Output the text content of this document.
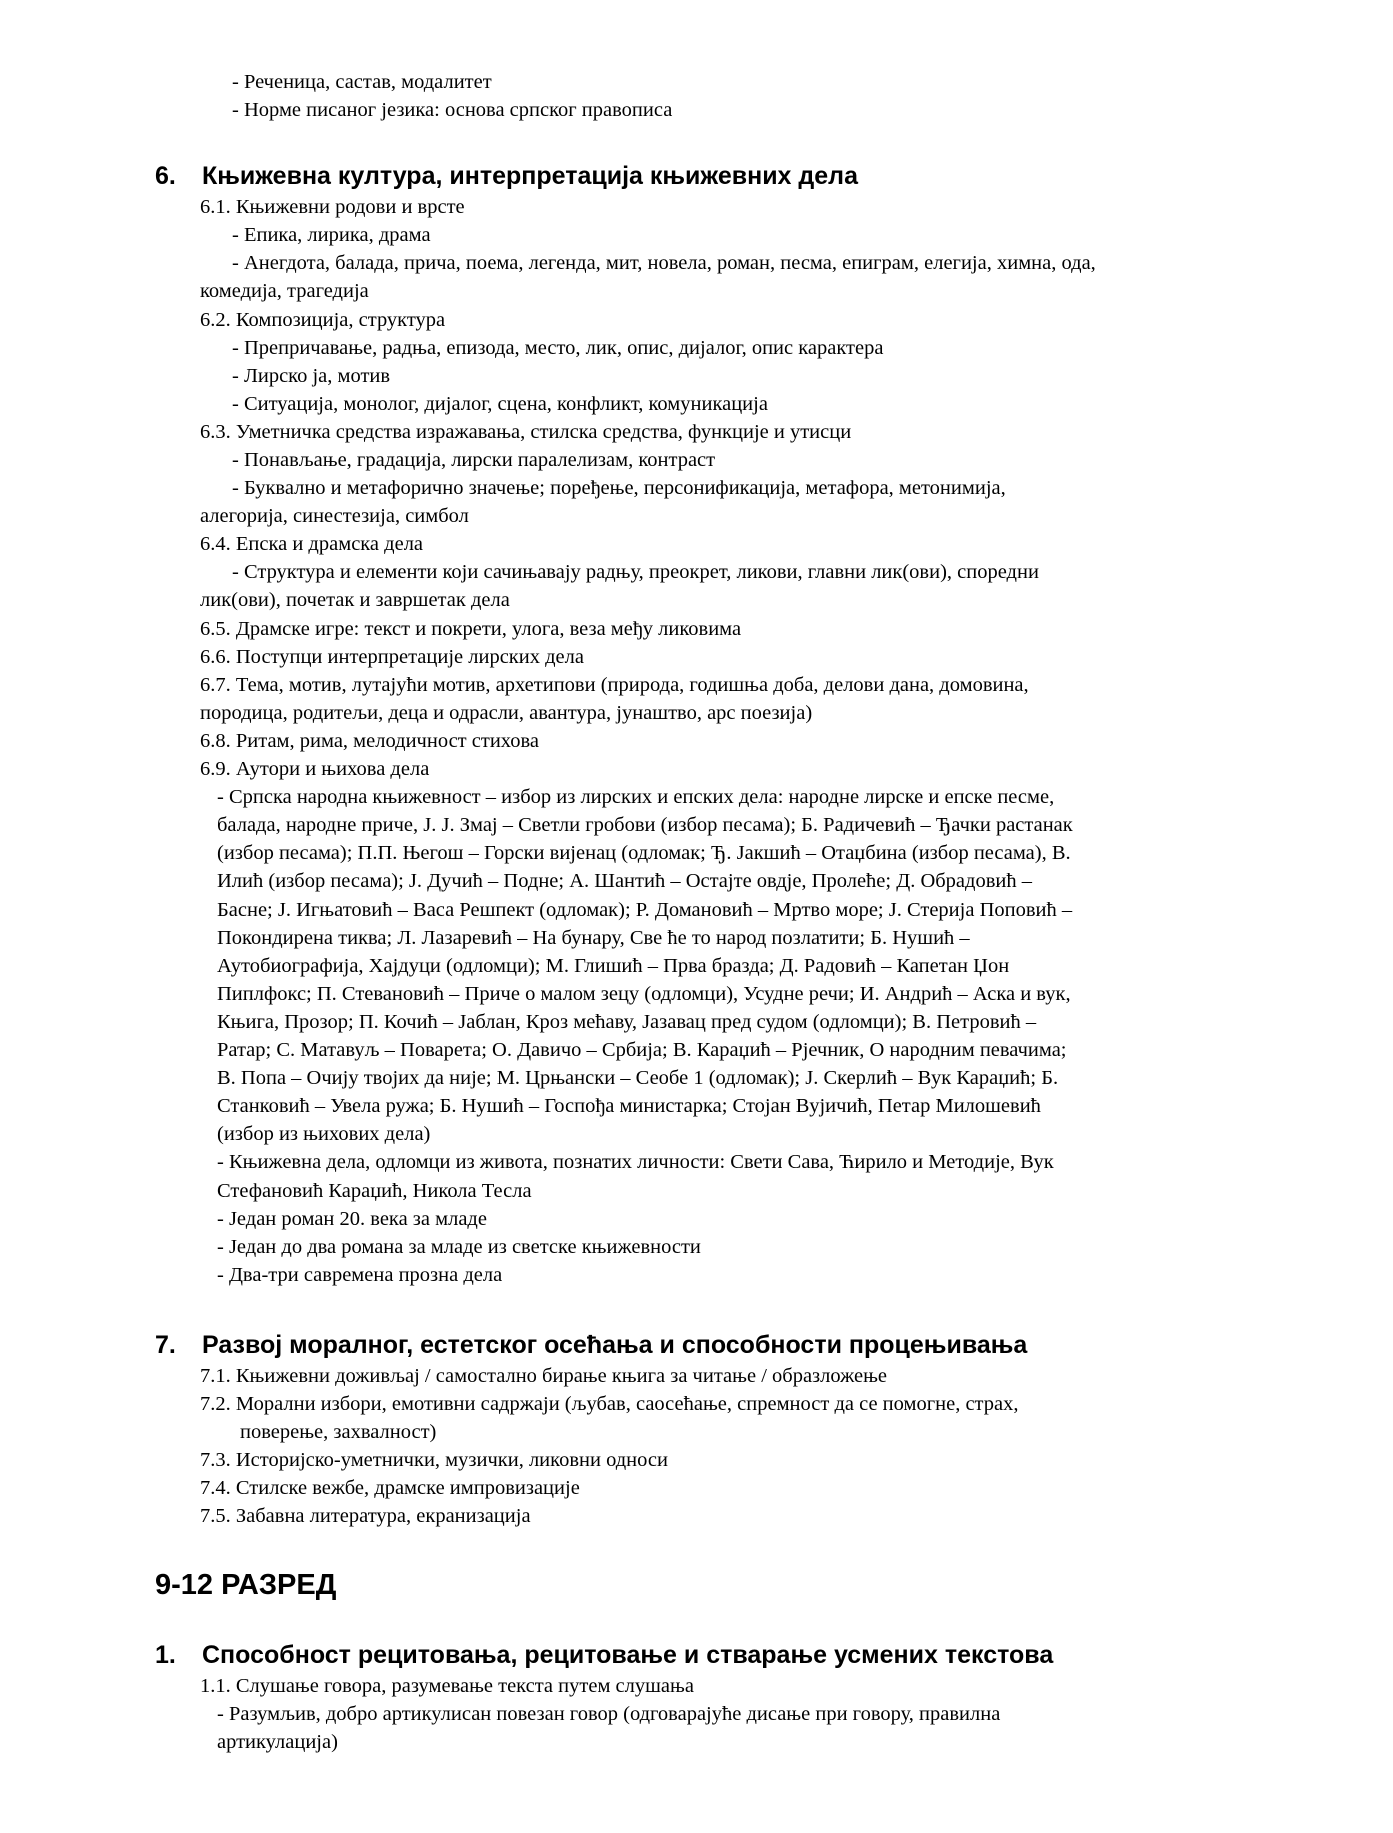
- Реченица, састав, модалитет
- Норме писаног језика: основа српског правописа
6. Књижевна култура, интерпретација књижевних дела
6.1. Књижевни родови и врсте
- Епика, лирика, драма
- Анегдота, балада, прича, поема, легенда, мит, новела, роман, песма, епиграм, елегија, химна, ода,
комедија, трагедија
6.2. Композиција, структура
- Препричавање, радња, епизода, место, лик, опис, дијалог, опис карактера
- Лирско ја, мотив
- Ситуација, монолог, дијалог, сцена, конфликт, комуникација
6.3. Уметничка средства изражавања, стилска средства, функције и утисци
- Понављање, градација, лирски паралелизам, контраст
- Буквално и метафорично значење; поређење, персонификација, метафора, метонимија,
алегорија, синестезија, симбол
6.4. Епска и драмска дела
- Структура и елементи који сачињавају радњу, преокрет, ликови, главни лик(ови), споредни
лик(ови), почетак и завршетак дела
6.5. Драмске игре: текст и покрети, улога, веза међу ликовима
6.6. Поступци интерпретације лирских дела
6.7. Тема, мотив, лутајући мотив, архетипови (природа, годишња доба, делови дана, домовина,
породица, родитељи, деца и одрасли, авантура, јунаштво, арс поезија)
6.8. Ритам, рима, мелодичност стихова
6.9. Аутори и њихова дела
- Српска народна књижевност – избор из лирских и епских дела: народне лирске и епске песме,
балада, народне приче, Ј. Ј. Змај – Светли гробови (избор песама); Б. Радичевић – Ђачки растанак
(избор песама); П.П. Његош – Горски вијенац (одломак; Ђ. Јакшић – Отаџбина (избор песама), В.
Илић (избор песама); Ј. Дучић – Подне; А. Шантић – Остајте овдје, Пролеће; Д. Обрадовић –
Басне; Ј. Игњатовић – Васа Решпект (одломак); Р. Домановић – Мртво море; Ј. Стерија Поповић –
Покондирена тиква; Л. Лазаревић – На бунару, Све ће то народ позлатити; Б. Нушић –
Аутобиографија, Хајдуци (одломци); М. Глишић – Прва бразда; Д. Радовић – Капетан Џон
Пиплфокс; П. Стевановић – Приче о малом зецу (одломци), Усудне речи; И. Андрић – Аска и вук,
Књига, Прозор; П. Кочић – Јаблан, Кроз мећаву, Јазавац пред судом (одломци); В. Петровић –
Ратар; С. Матавуљ – Поварета; О. Давичо – Србија; В. Караџић – Рјечник, О народним певачима;
В. Попа – Очију твојих да није; М. Црњански – Сеобе 1 (одломак); Ј. Скерлић – Вук Караџић; Б.
Станковић – Увела ружа; Б. Нушић – Госпођа министарка; Стојан Вујичић, Петар Милошевић
(избор из њихових дела)
- Књижевна дела, одломци из живота, познатих личности: Свети Сава, Ћирило и Методије, Вук
Стефановић Караџић, Никола Тесла
- Један роман 20. века за младе
- Један до два романа за младе из светске књижевности
- Два-три савремена прозна дела
7. Развој моралног, естетског осећања и способности процењивања
7.1. Књижевни доживљај / самостално бирање књига за читање / образложење
7.2. Морални избори, емотивни садржаји (љубав, саосећање, спремност да се помогне, страх,
поверење, захвалност)
7.3. Историјско-уметнички, музички, ликовни односи
7.4. Стилске вежбе, драмске импровизације
7.5. Забавна литература, екранизација
9-12 РАЗРЕД
1. Способност рецитовања, рецитовање и стварање усмених текстова
1.1. Слушање говора, разумевање текста путем слушања
- Разумљив, добро артикулисан повезан говор (одговарајуће дисање при говору, правилна
артикулација)
